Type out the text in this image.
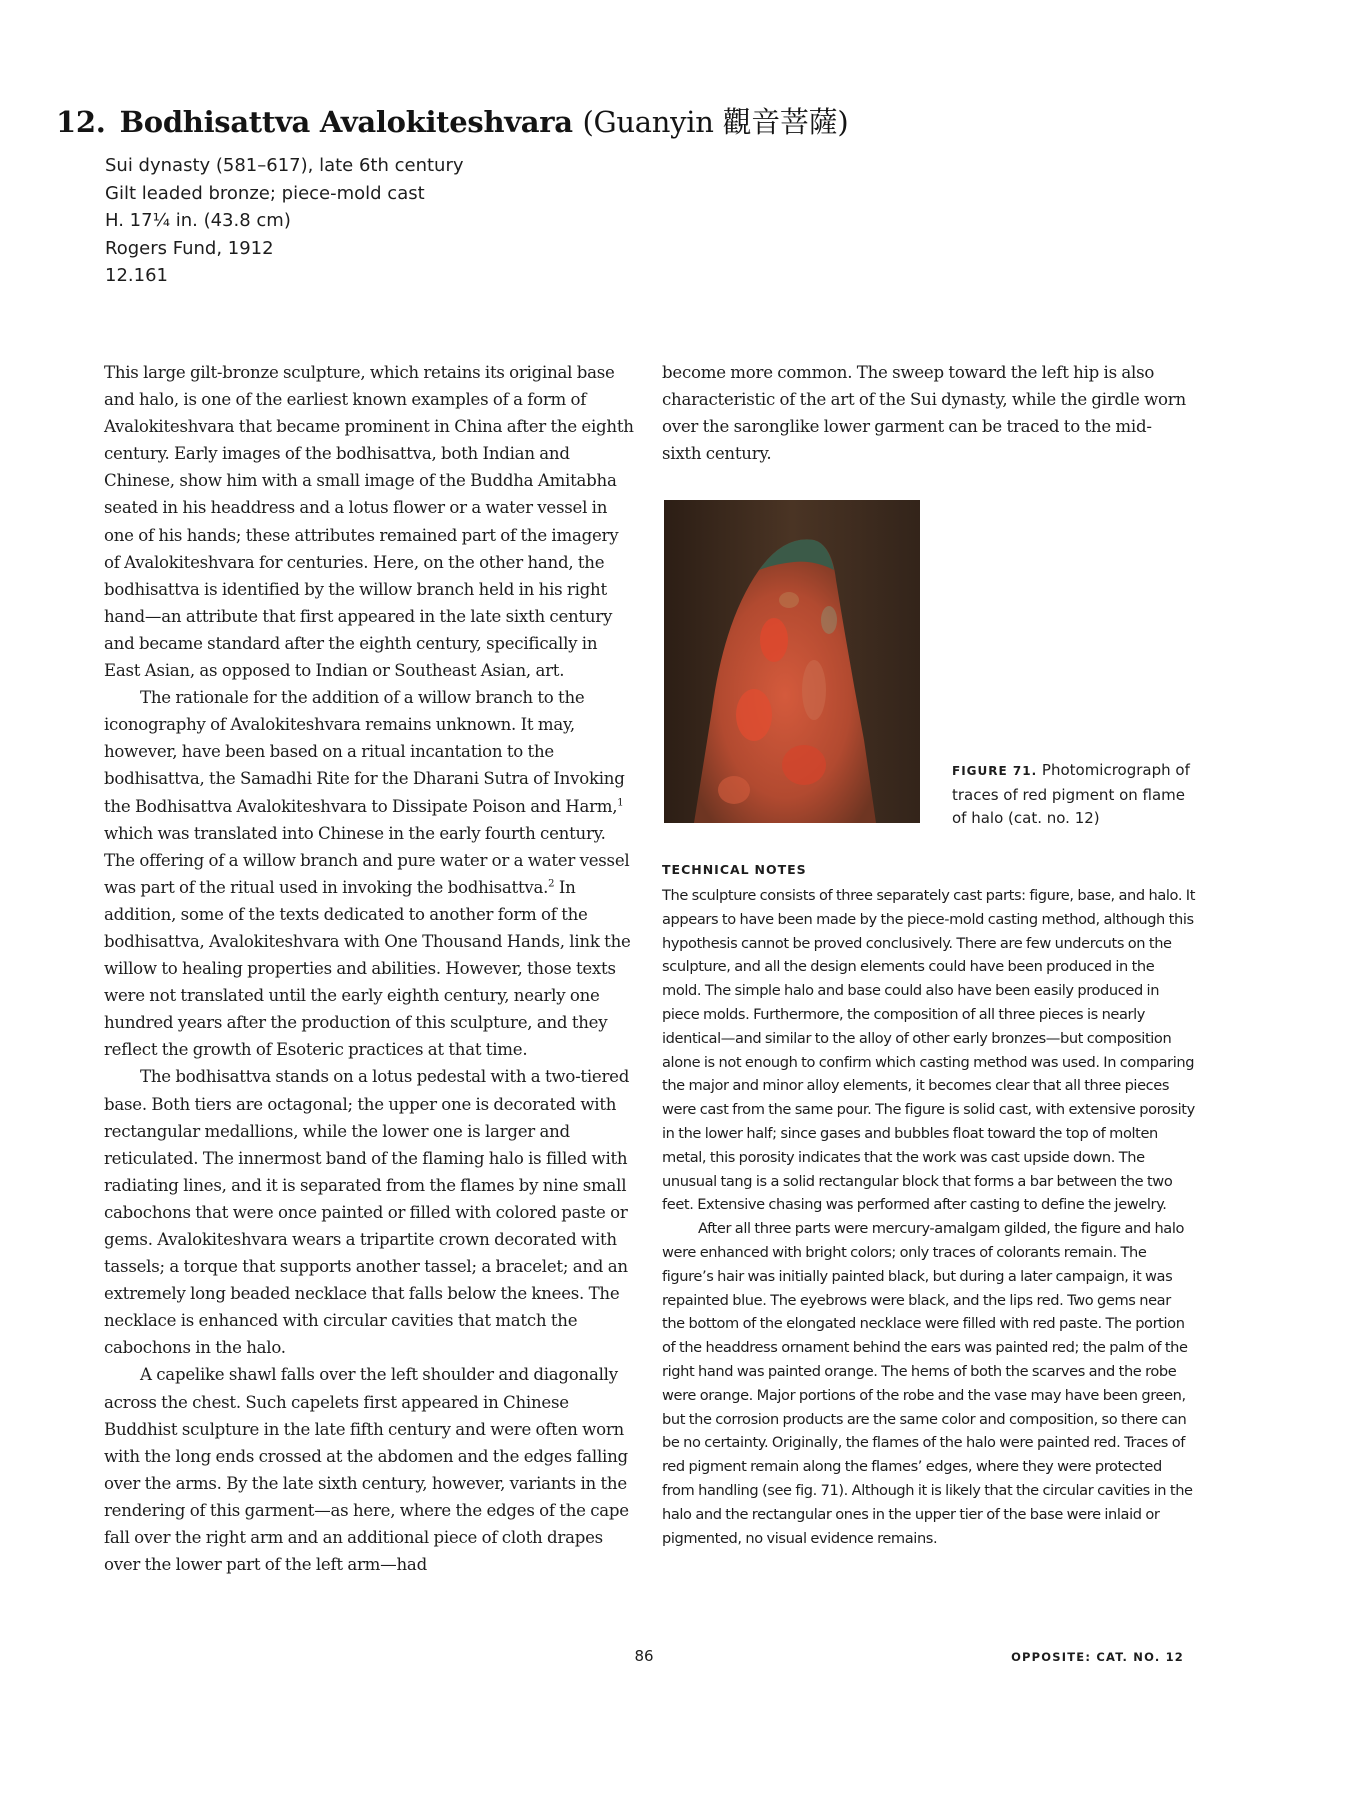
12. Bodhisattva Avalokiteshvara (Guanyin 觀音菩薩)
Sui dynasty (581–617), late 6th century
Gilt leaded bronze; piece-mold cast
H. 17¼ in. (43.8 cm)
Rogers Fund, 1912
12.161

This large gilt-bronze sculpture, which retains its original base and halo, is one of the earliest known examples of a form of Avalokiteshvara that became prominent in China after the eighth century. Early images of the bodhisattva, both Indian and Chinese, show him with a small image of the Buddha Amitabha seated in his headdress and a lotus flower or a water vessel in one of his hands; these attributes remained part of the imagery of Avalokiteshvara for centuries. Here, on the other hand, the bodhisattva is identified by the willow branch held in his right hand—an attribute that first appeared in the late sixth century and became standard after the eighth century, specifically in East Asian, as opposed to Indian or Southeast Asian, art.

The rationale for the addition of a willow branch to the iconography of Avalokiteshvara remains unknown. It may, however, have been based on a ritual incantation to the bodhisattva, the Samadhi Rite for the Dharani Sutra of Invoking the Bodhisattva Avalokiteshvara to Dissipate Poison and Harm,$^1$ which was translated into Chinese in the early fourth century. The offering of a willow branch and pure water or a water vessel was part of the ritual used in invoking the bodhisattva.$^2$ In addition, some of the texts dedicated to another form of the bodhisattva, Avalokiteshvara with One Thousand Hands, link the willow to healing properties and abilities. However, those texts were not translated until the early eighth century, nearly one hundred years after the production of this sculpture, and they reflect the growth of Esoteric practices at that time.

The bodhisattva stands on a lotus pedestal with a two-tiered base. Both tiers are octagonal; the upper one is decorated with rectangular medallions, while the lower one is larger and reticulated. The innermost band of the flaming halo is filled with radiating lines, and it is separated from the flames by nine small cabochons that were once painted or filled with colored paste or gems. Avalokiteshvara wears a tripartite crown decorated with tassels; a torque that supports another tassel; a bracelet; and an extremely long beaded necklace that falls below the knees. The necklace is enhanced with circular cavities that match the cabochons in the halo.

A capelike shawl falls over the left shoulder and diagonally across the chest. Such capelets first appeared in Chinese Buddhist sculpture in the late fifth century and were often worn with the long ends crossed at the abdomen and the edges falling over the arms. By the late sixth century, however, variants in the rendering of this garment—as here, where the edges of the cape fall over the right arm and an additional piece of cloth drapes over the lower part of the left arm—had

become more common. The sweep toward the left hip is also characteristic of the art of the Sui dynasty, while the girdle worn over the saronglike lower garment can be traced to the mid-sixth century.

FIGURE 71. Photomicrograph of traces of red pigment on flame of halo (cat. no. 12)
TECHNICAL NOTES

The sculpture consists of three separately cast parts: figure, base, and halo. It appears to have been made by the piece-mold casting method, although this hypothesis cannot be proved conclusively. There are few undercuts on the sculpture, and all the design elements could have been produced in the mold. The simple halo and base could also have been easily produced in piece molds. Furthermore, the composition of all three pieces is nearly identical—and similar to the alloy of other early bronzes—but composition alone is not enough to confirm which casting method was used. In comparing the major and minor alloy elements, it becomes clear that all three pieces were cast from the same pour. The figure is solid cast, with extensive porosity in the lower half; since gases and bubbles float toward the top of molten metal, this porosity indicates that the work was cast upside down. The unusual tang is a solid rectangular block that forms a bar between the two feet. Extensive chasing was performed after casting to define the jewelry.

After all three parts were mercury-amalgam gilded, the figure and halo were enhanced with bright colors; only traces of colorants remain. The figure’s hair was initially painted black, but during a later campaign, it was repainted blue. The eyebrows were black, and the lips red. Two gems near the bottom of the elongated necklace were filled with red paste. The portion of the headdress ornament behind the ears was painted red; the palm of the right hand was painted orange. The hems of both the scarves and the robe were orange. Major portions of the robe and the vase may have been green, but the corrosion products are the same color and composition, so there can be no certainty. Originally, the flames of the halo were painted red. Traces of red pigment remain along the flames’ edges, where they were protected from handling (see fig. 71). Although it is likely that the circular cavities in the halo and the rectangular ones in the upper tier of the base were inlaid or pigmented, no visual evidence remains.

86	OPPOSITE: CAT. NO. 12
